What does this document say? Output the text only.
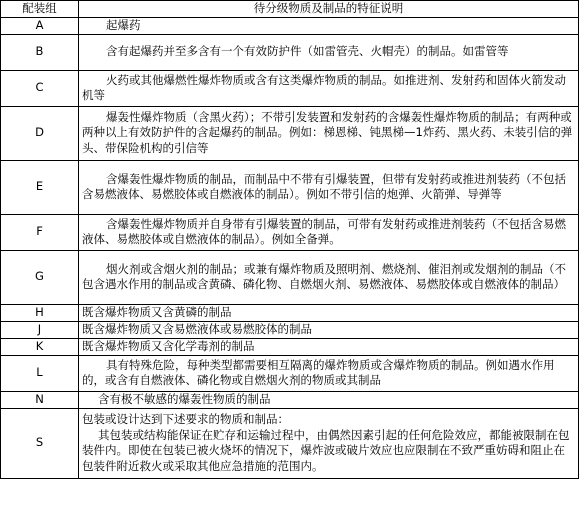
配装组	待分级物质及制品的特征说明
A	起爆药

B	含有起爆药并至多含有一个有效防护件（如雷管壳、火帽壳）的制品。如雷管等

C	火药或其他爆燃性爆炸物质或含有这类爆炸物质的制品。如推进剂、发射药和固体火箭发动机等

D	爆轰性爆炸物质（含黑火药）；不带引发装置和发射药的含爆轰性爆炸物质的制品；有两种或两种以上有效防护件的含起爆药的制品。例如：梯恩梯、钝黑梯—1炸药、黑火药、未装引信的弹头、带保险机构的引信等

E	含爆轰性爆炸物质的制品，而制品中不带有引爆装置，但带有发射药或推进剂装药（不包括含易燃液体、易燃胶体或自燃液体的制品）。例如不带引信的炮弹、火箭弹、导弹等

F	含爆轰性爆炸物质并自身带有引爆装置的制品，可带有发射药或推进剂装药（不包括含易燃液体、易燃胶体或自燃液体的制品）。例如全备弹。

G	烟火剂或含烟火剂的制品；或兼有爆炸物质及照明剂、燃烧剂、催泪剂或发烟剂的制品（不包含遇水作用的制品或含黄磷、磷化物、自燃烟火剂、易燃液体、易燃胶体或自燃液体的制品）

H	既含爆炸物质又含黄磷的制品

J	既含爆炸物质又含易燃液体或易燃胶体的制品

K	既含爆炸物质又含化学毒剂的制品

L	具有特殊危险，每种类型都需要相互隔离的爆炸物质或含爆炸物质的制品。例如遇水作用的，或含有自燃液体、磷化物或自燃烟火剂的物质或其制品

N	含有极不敏感的爆轰性物质的制品

S	包装或设计达到下述要求的物质和制品：
其包装或结构能保证在贮存和运输过程中，由偶然因素引起的任何危险效应，都能被限制在包装件内。即使在包装已被火烧坏的情况下，爆炸波或破片效应也应限制在不致严重妨碍和阻止在包装件附近救火或采取其他应急措施的范围内。
